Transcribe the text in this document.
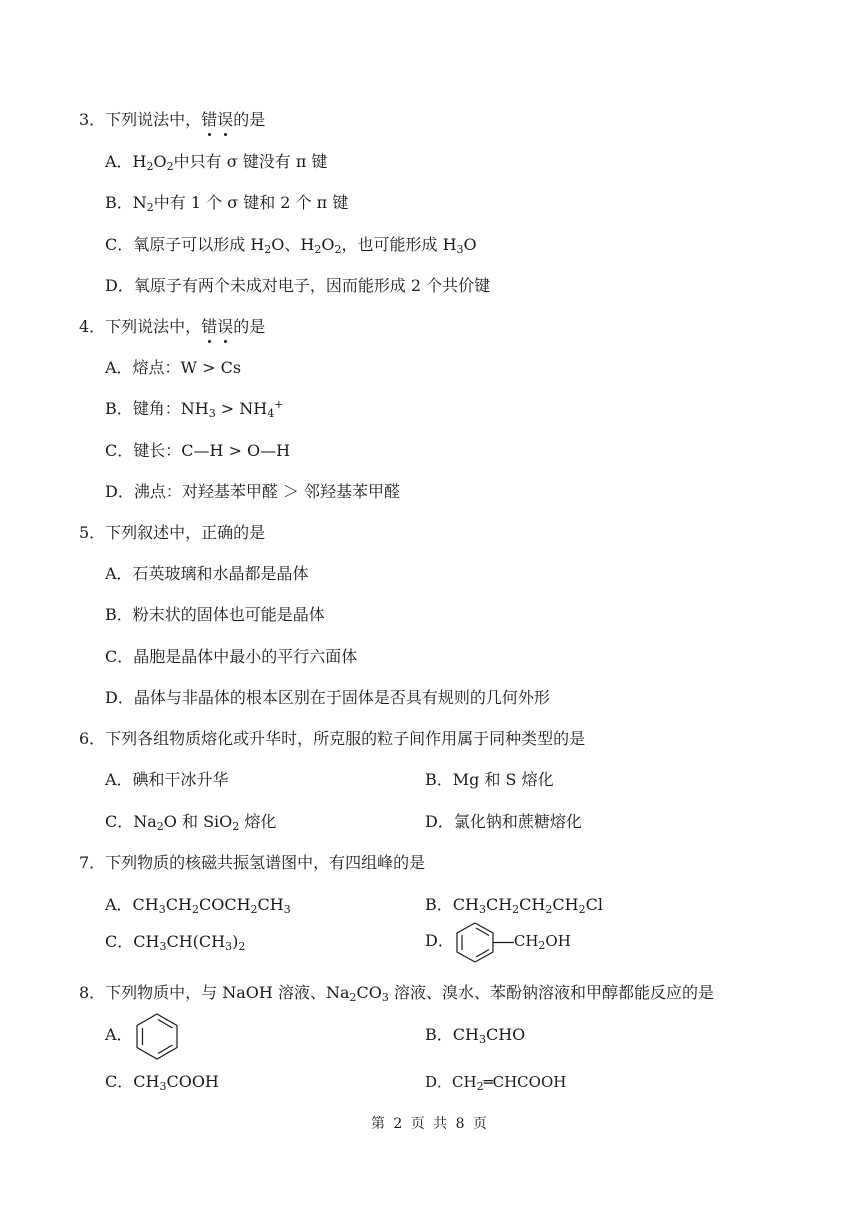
3．下列说法中，错误的是
A．$H_2O_2$中只有 σ 键没有 π 键
B．$N_2$中有 1 个 σ 键和 2 个 π 键
C．氧原子可以形成 $H_2O$、$H_2O_2$，也可能形成 $H_3O$
D．氧原子有两个未成对电子，因而能形成 2 个共价键
4．下列说法中，错误的是
A．熔点：W > Cs
B．键角：$NH_3 > NH_4^+$
C．键长：C—H > O—H
D．沸点：对羟基苯甲醛 ＞ 邻羟基苯甲醛
5．下列叙述中，正确的是
A．石英玻璃和水晶都是晶体
B．粉末状的固体也可能是晶体
C．晶胞是晶体中最小的平行六面体
D．晶体与非晶体的根本区别在于固体是否具有规则的几何外形
6．下列各组物质熔化或升华时，所克服的粒子间作用属于同种类型的是
A．碘和干冰升华	B．Mg 和 S 熔化
C．$Na_2O$ 和 SiO$_2$ 熔化	D．氯化钠和蔗糖熔化
7．下列物质的核磁共振氢谱图中，有四组峰的是
A．$CH_3CH_2COCH_2CH_3$	B．$CH_3CH_2CH_2CH_2Cl$
C．$CH_3CH(CH_3)_2$	D．	$CH_2OH$
8．下列物质中，与 NaOH 溶液、$Na_2CO_3$ 溶液、溴水、苯酚钠溶液和甲醇都能反应的是
A．	B．$CH_3CHO$
C．$CH_3COOH$	D．$CH_2═CHCOOH$
第 2 页 共 8 页
